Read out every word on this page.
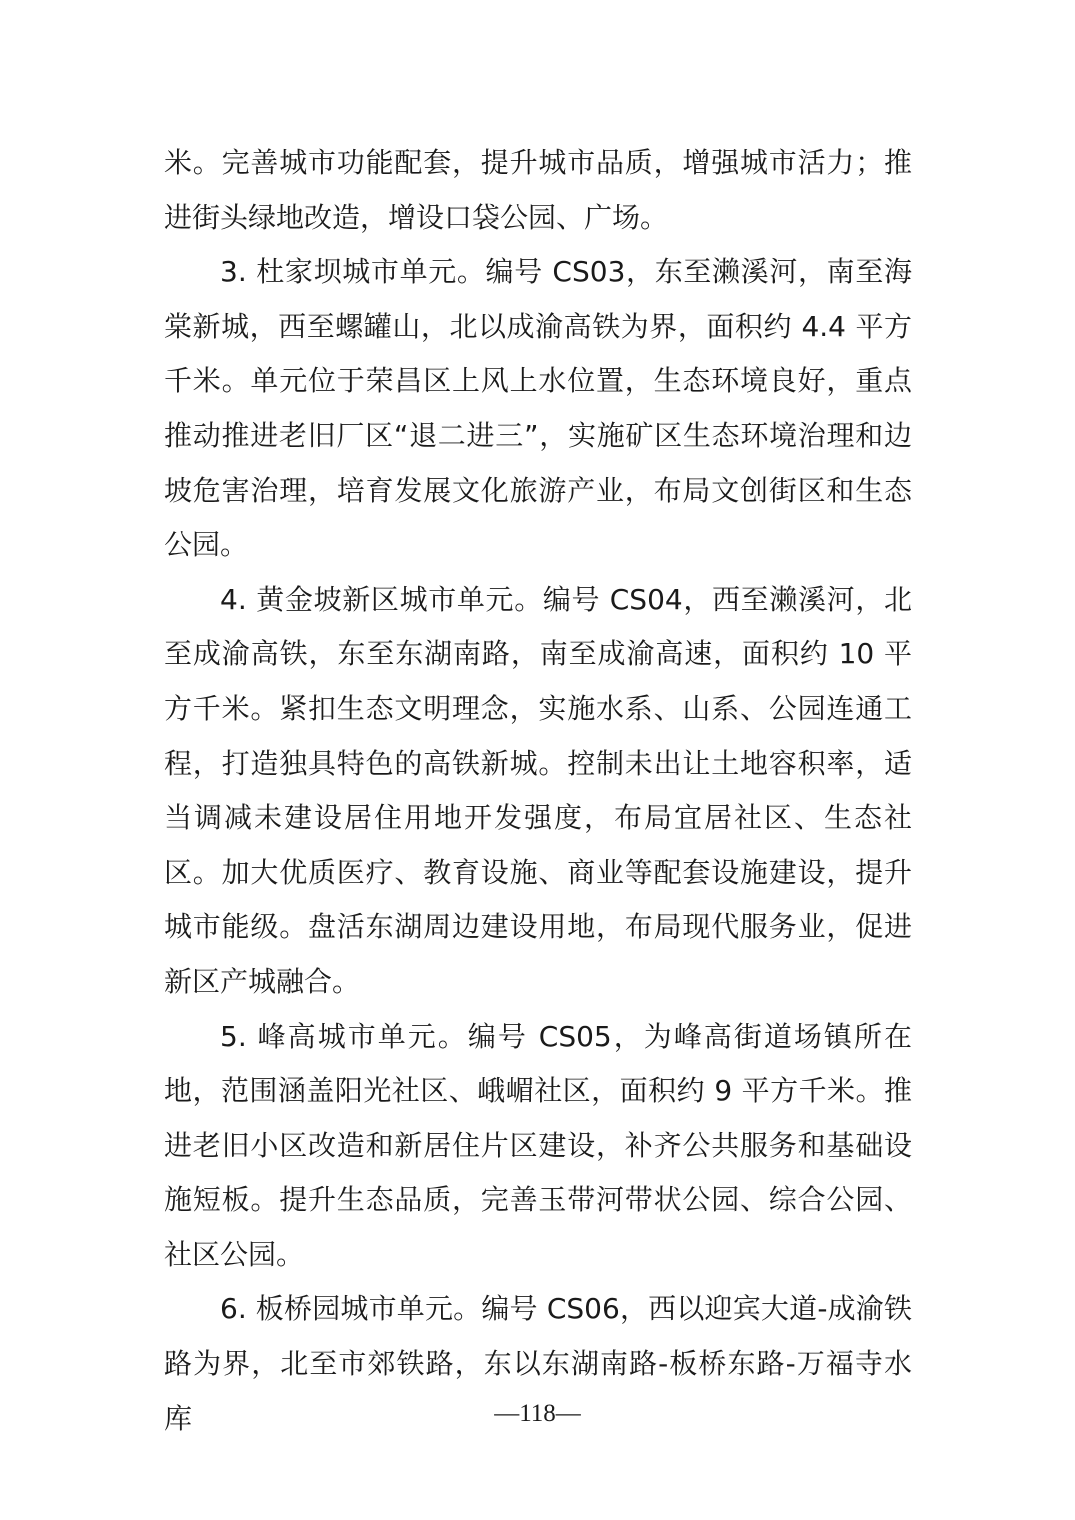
米。完善城市功能配套，提升城市品质，增强城市活力；推进街头绿地改造，增设口袋公园、广场。

3. 杜家坝城市单元。编号 CS03，东至濑溪河，南至海棠新城，西至螺罐山，北以成渝高铁为界，面积约 4.4 平方千米。单元位于荣昌区上风上水位置，生态环境良好，重点推动推进老旧厂区“退二进三”，实施矿区生态环境治理和边坡危害治理，培育发展文化旅游产业，布局文创街区和生态公园。

4. 黄金坡新区城市单元。编号 CS04，西至濑溪河，北至成渝高铁，东至东湖南路，南至成渝高速，面积约 10 平方千米。紧扣生态文明理念，实施水系、山系、公园连通工程，打造独具特色的高铁新城。控制未出让土地容积率，适当调减未建设居住用地开发强度，布局宜居社区、生态社区。加大优质医疗、教育设施、商业等配套设施建设，提升城市能级。盘活东湖周边建设用地，布局现代服务业，促进新区产城融合。

5. 峰高城市单元。编号 CS05，为峰高街道场镇所在地，范围涵盖阳光社区、峨嵋社区，面积约 9 平方千米。推进老旧小区改造和新居住片区建设，补齐公共服务和基础设施短板。提升生态品质，完善玉带河带状公园、综合公园、社区公园。

6. 板桥园城市单元。编号 CS06，西以迎宾大道-成渝铁路为界，北至市郊铁路，东以东湖南路-板桥东路-万福寺水库	—118—
